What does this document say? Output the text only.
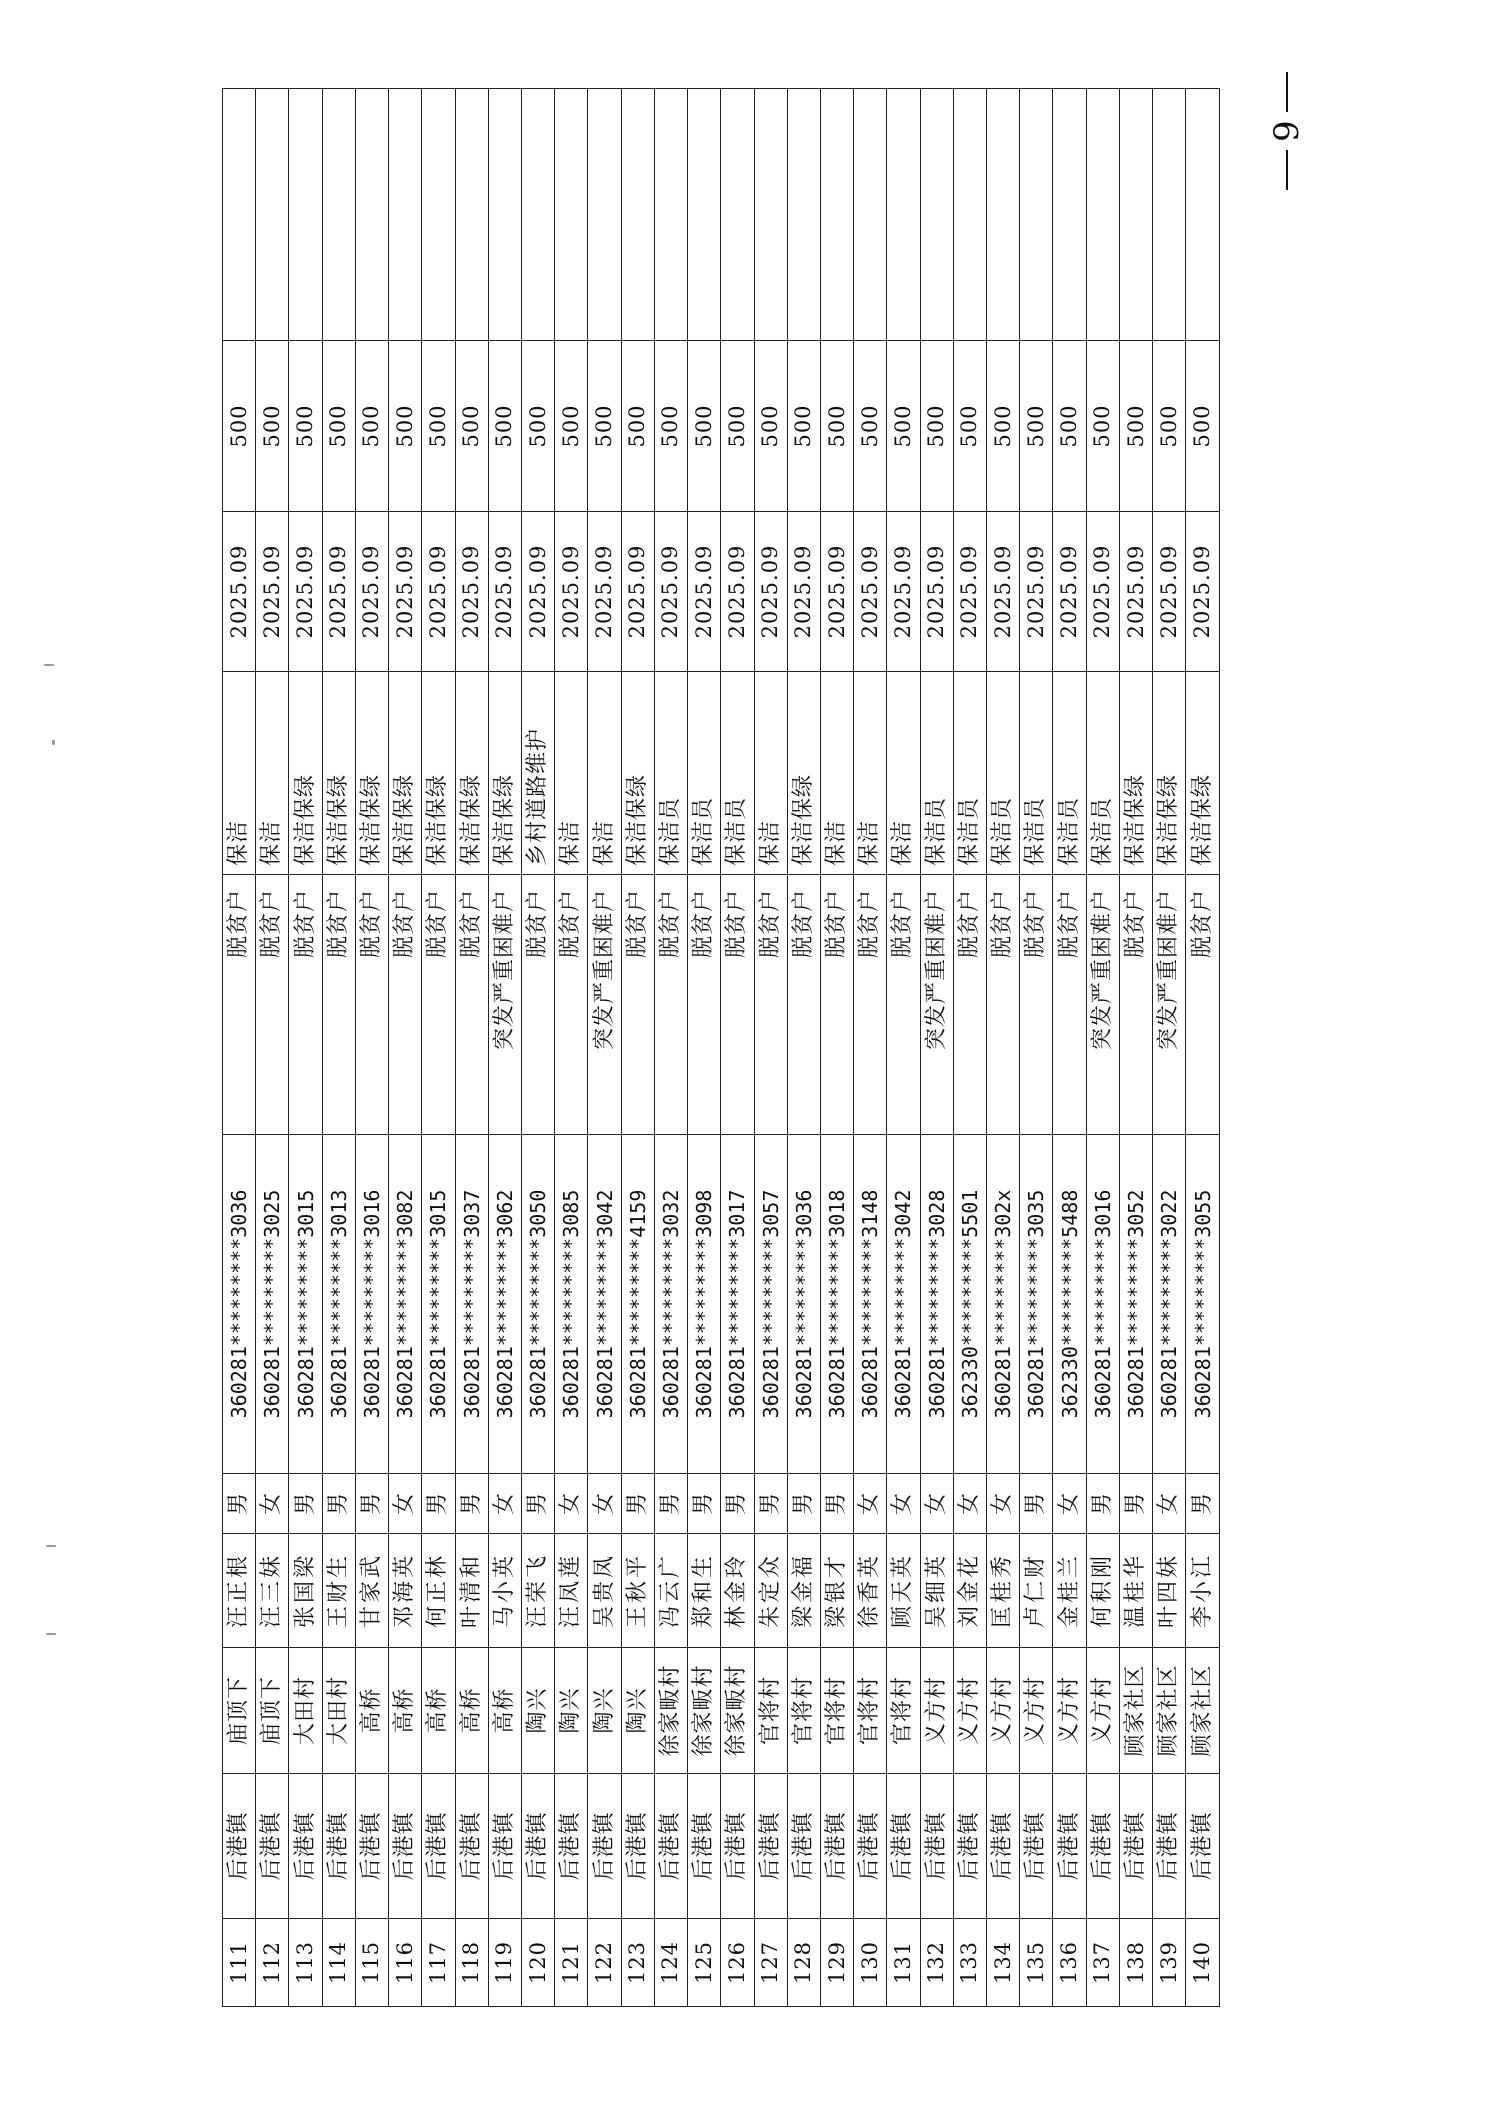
111	后港镇	庙顶下	汪正根	男	360281*********3036	脱贫户	保洁	2025.09	500	
112	后港镇	庙顶下	汪三妹	女	360281*********3025	脱贫户	保洁	2025.09	500	
113	后港镇	大田村	张国梁	男	360281*********3015	脱贫户	保洁保绿	2025.09	500	
114	后港镇	大田村	王财生	男	360281*********3013	脱贫户	保洁保绿	2025.09	500	
115	后港镇	高桥	甘家武	男	360281*********3016	脱贫户	保洁保绿	2025.09	500	
116	后港镇	高桥	邓海英	女	360281*********3082	脱贫户	保洁保绿	2025.09	500	
117	后港镇	高桥	何正林	男	360281*********3015	脱贫户	保洁保绿	2025.09	500	
118	后港镇	高桥	叶清和	男	360281*********3037	脱贫户	保洁保绿	2025.09	500	
119	后港镇	高桥	马小英	女	360281*********3062	突发严重困难户	保洁保绿	2025.09	500	
120	后港镇	陶兴	汪荣飞	男	360281*********3050	脱贫户	乡村道路维护	2025.09	500	
121	后港镇	陶兴	汪凤莲	女	360281*********3085	脱贫户	保洁	2025.09	500	
122	后港镇	陶兴	吴贵凤	女	360281*********3042	突发严重困难户	保洁	2025.09	500	
123	后港镇	陶兴	王秋平	男	360281*********4159	脱贫户	保洁保绿	2025.09	500	
124	后港镇	徐家畈村	冯云广	男	360281*********3032	脱贫户	保洁员	2025.09	500	
125	后港镇	徐家畈村	郑和生	男	360281*********3098	脱贫户	保洁员	2025.09	500	
126	后港镇	徐家畈村	林金玲	男	360281*********3017	脱贫户	保洁员	2025.09	500	
127	后港镇	官将村	朱定众	男	360281*********3057	脱贫户	保洁	2025.09	500	
128	后港镇	官将村	梁金福	男	360281*********3036	脱贫户	保洁保绿	2025.09	500	
129	后港镇	官将村	梁银才	男	360281*********3018	脱贫户	保洁	2025.09	500	
130	后港镇	官将村	徐香英	女	360281*********3148	脱贫户	保洁	2025.09	500	
131	后港镇	官将村	顾天英	女	360281*********3042	脱贫户	保洁	2025.09	500	
132	后港镇	义方村	吴细英	女	360281*********3028	突发严重困难户	保洁员	2025.09	500	
133	后港镇	义方村	刘金花	女	362330*********5501	脱贫户	保洁员	2025.09	500	
134	后港镇	义方村	匡桂秀	女	360281*********302x	脱贫户	保洁员	2025.09	500	
135	后港镇	义方村	卢仁财	男	360281*********3035	脱贫户	保洁员	2025.09	500	
136	后港镇	义方村	金桂兰	女	362330*********5488	脱贫户	保洁员	2025.09	500	
137	后港镇	义方村	何积刚	男	360281*********3016	突发严重困难户	保洁员	2025.09	500	
138	后港镇	顾家社区	温桂华	男	360281*********3052	脱贫户	保洁保绿	2025.09	500	
139	后港镇	顾家社区	叶四妹	女	360281*********3022	突发严重困难户	保洁保绿	2025.09	500	
140	后港镇	顾家社区	李小江	男	360281*********3055	脱贫户	保洁保绿	2025.09	500	
9
